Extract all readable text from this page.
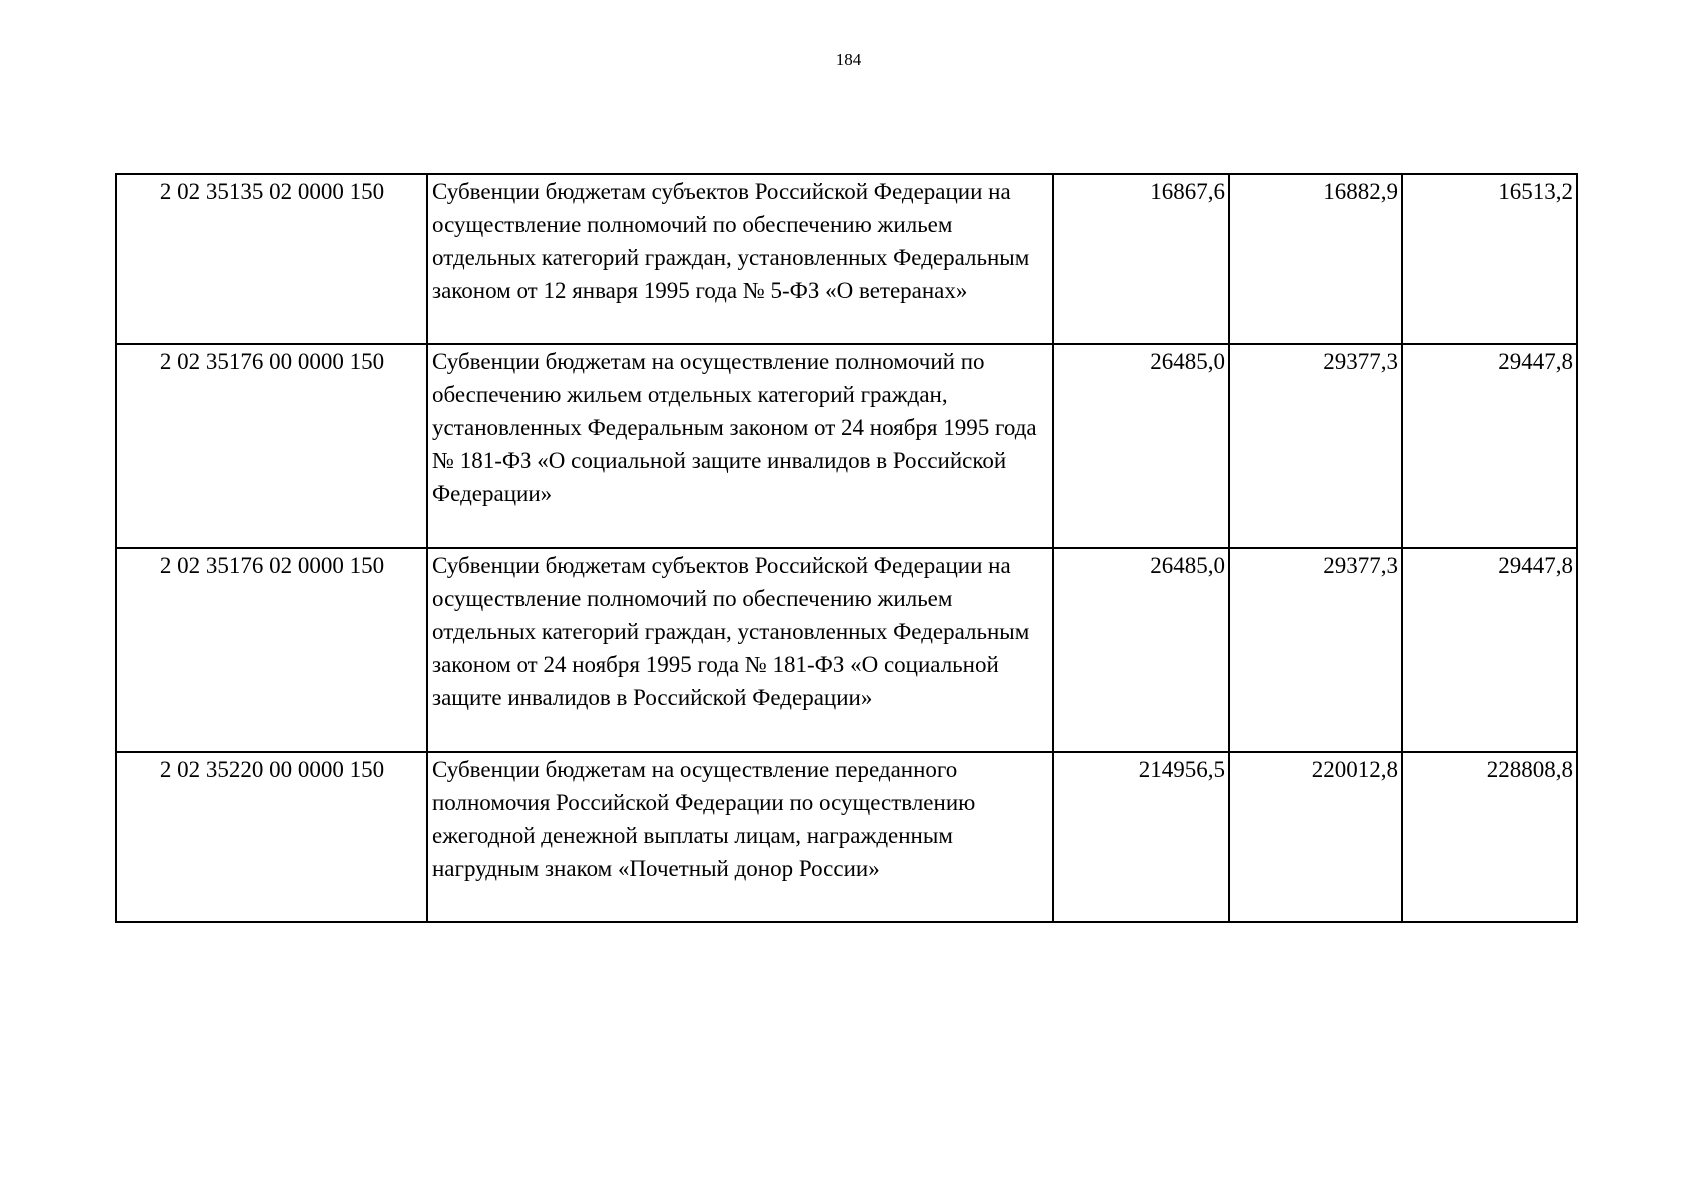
184
2 02 35135 02 0000 150	Субвенции бюджетам субъектов Российской Федерации на осуществление полномочий по обеспечению жильем отдельных категорий граждан, установленных Федеральным законом от 12 января 1995 года № 5-ФЗ «О ветеранах»	16867,6	16882,9	16513,2
2 02 35176 00 0000 150	Субвенции бюджетам на осуществление полномочий по обеспечению жильем отдельных категорий граждан, установленных Федеральным законом от 24 ноября 1995 года № 181-ФЗ «О социальной защите инвалидов в Российской Федерации»	26485,0	29377,3	29447,8
2 02 35176 02 0000 150	Субвенции бюджетам субъектов Российской Федерации на осуществление полномочий по обеспечению жильем отдельных категорий граждан, установленных Федеральным законом от 24 ноября 1995 года № 181-ФЗ «О социальной защите инвалидов в Российской Федерации»	26485,0	29377,3	29447,8
2 02 35220 00 0000 150	Субвенции бюджетам на осуществление переданного полномочия Российской Федерации по осуществлению ежегодной денежной выплаты лицам, награжденным нагрудным знаком «Почетный донор России»	214956,5	220012,8	228808,8
